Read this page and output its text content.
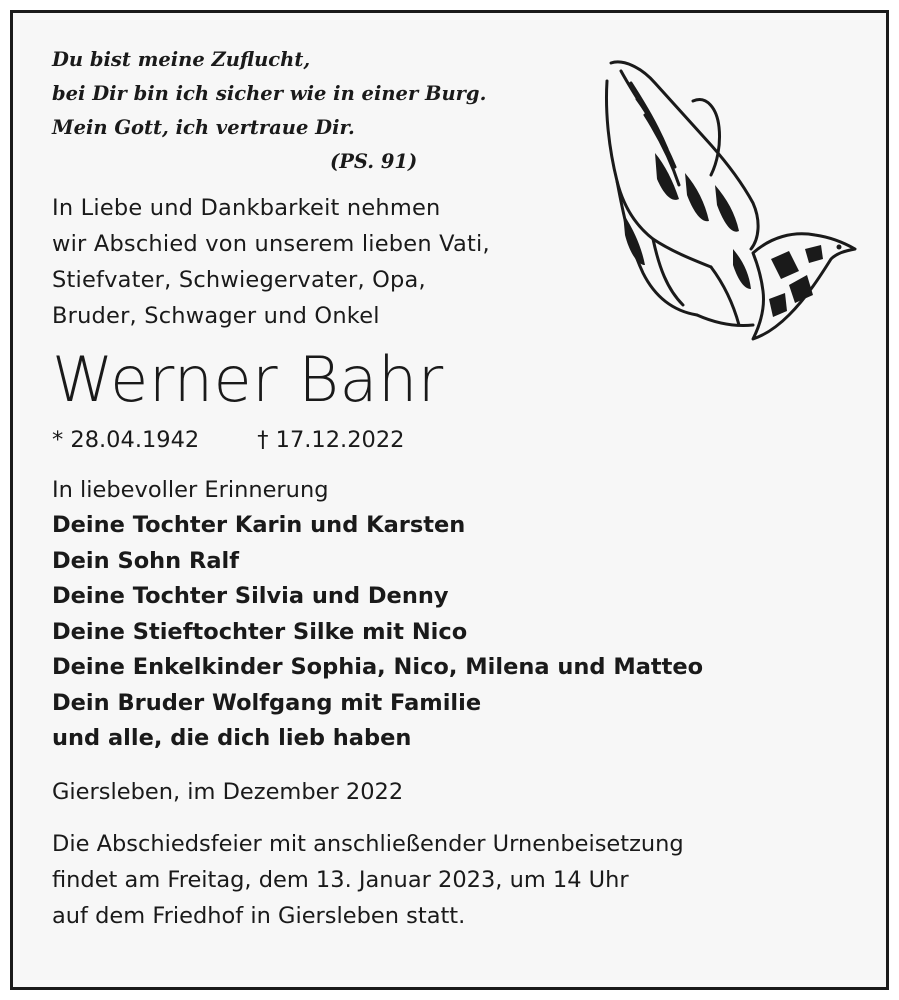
Du bist meine Zuflucht,

bei Dir bin ich sicher wie in einer Burg.

Mein Gott, ich vertraue Dir.

(PS. 91)

In Liebe und Dankbarkeit nehmen
wir Abschied von unserem lieben Vati,
Stiefvater, Schwiegervater, Opa,
Bruder, Schwager und Onkel
Werner Bahr
* 28.04.1942	† 17.12.2022
In liebevoller Erinnerung
Deine Tochter Karin und Karsten
Dein Sohn Ralf
Deine Tochter Silvia und Denny
Deine Stieftochter Silke mit Nico
Deine Enkelkinder Sophia, Nico, Milena und Matteo
Dein Bruder Wolfgang mit Familie
und alle, die dich lieb haben
Giersleben, im Dezember 2022
Die Abschiedsfeier mit anschließender Urnenbeisetzung
findet am Freitag, dem 13. Januar 2023, um 14 Uhr
auf dem Friedhof in Giersleben statt.
